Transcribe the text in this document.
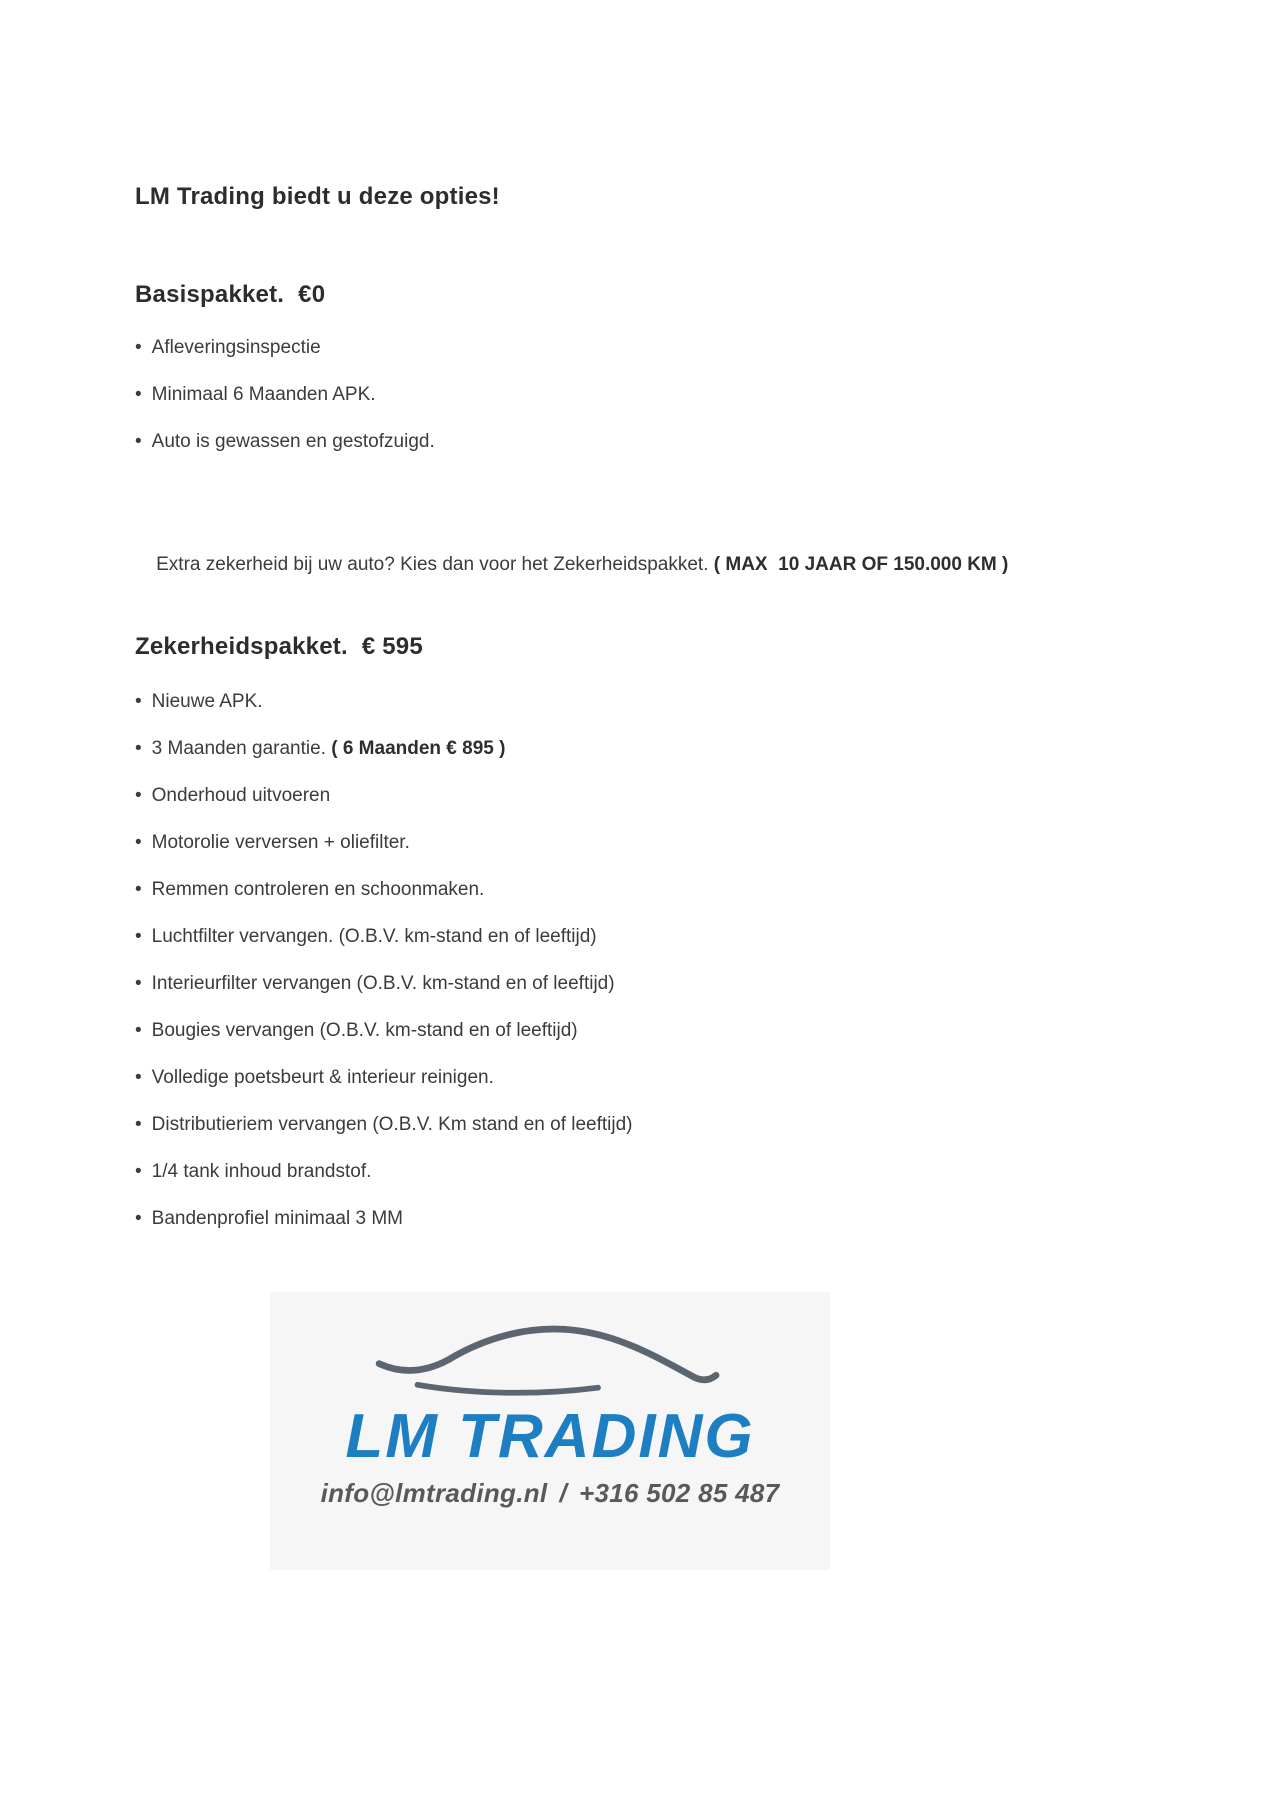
LM Trading biedt u deze opties!
Basispakket. €0
• Afleveringsinspectie
• Minimaal 6 Maanden APK.
• Auto is gewassen en gestofzuigd.

Extra zekerheid bij uw auto? Kies dan voor het Zekerheidspakket. ( MAX  10 JAAR OF 150.000 KM )

Zekerheidspakket. € 595
• Nieuwe APK.
• 3 Maanden garantie. ( 6 Maanden € 895 )
• Onderhoud uitvoeren
• Motorolie verversen + oliefilter.
• Remmen controleren en schoonmaken.
• Luchtfilter vervangen. (O.B.V. km-stand en of leeftijd)
• Interieurfilter vervangen (O.B.V. km-stand en of leeftijd)
• Bougies vervangen (O.B.V. km-stand en of leeftijd)
• Volledige poetsbeurt & interieur reinigen.
• Distributieriem vervangen (O.B.V. Km stand en of leeftijd)
• 1/4 tank inhoud brandstof.
• Bandenprofiel minimaal 3 MM
LM TRADING
info@lmtrading.nl / +316 502 85 487
